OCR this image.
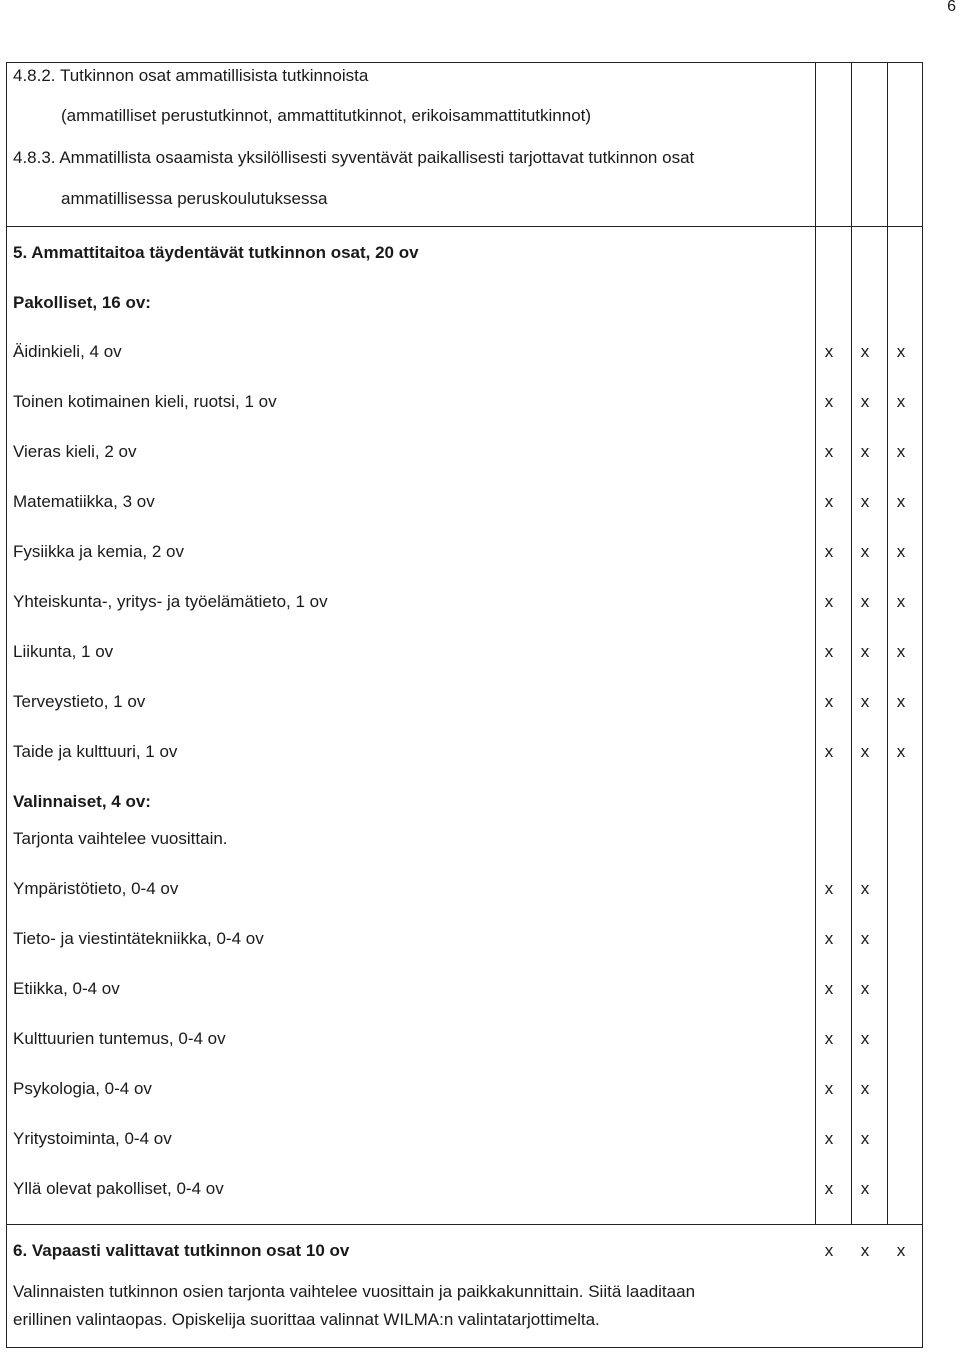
6
4.8.2. Tutkinnon osat ammatillisista tutkinnoista
(ammatilliset perustutkinnot, ammattitutkinnot, erikoisammattitutkinnot)
4.8.3. Ammatillista osaamista yksilöllisesti syventävät paikallisesti tarjottavat tutkinnon osat
ammatillisessa peruskoulutuksessa
5. Ammattitaitoa täydentävät tutkinnon osat, 20 ov
Pakolliset, 16 ov:
Äidinkieli, 4 ov	x	x	x
Toinen kotimainen kieli, ruotsi, 1 ov	x	x	x
Vieras kieli, 2 ov	x	x	x
Matematiikka, 3 ov	x	x	x
Fysiikka ja kemia, 2 ov	x	x	x
Yhteiskunta-, yritys- ja työelämätieto, 1 ov	x	x	x
Liikunta, 1 ov	x	x	x
Terveystieto, 1 ov	x	x	x
Taide ja kulttuuri, 1 ov	x	x	x
Valinnaiset, 4 ov:
Tarjonta vaihtelee vuosittain.
Ympäristötieto, 0-4 ov	x	x
Tieto- ja viestintätekniikka, 0-4 ov	x	x
Etiikka, 0-4 ov	x	x
Kulttuurien tuntemus, 0-4 ov	x	x
Psykologia, 0-4 ov	x	x
Yritystoiminta, 0-4 ov	x	x
Yllä olevat pakolliset, 0-4 ov	x	x
6. Vapaasti valittavat tutkinnon osat 10 ov	x	x	x
Valinnaisten tutkinnon osien tarjonta vaihtelee vuosittain ja paikkakunnittain. Siitä laaditaan
erillinen valintaopas. Opiskelija suorittaa valinnat WILMA:n valintatarjottimelta.
